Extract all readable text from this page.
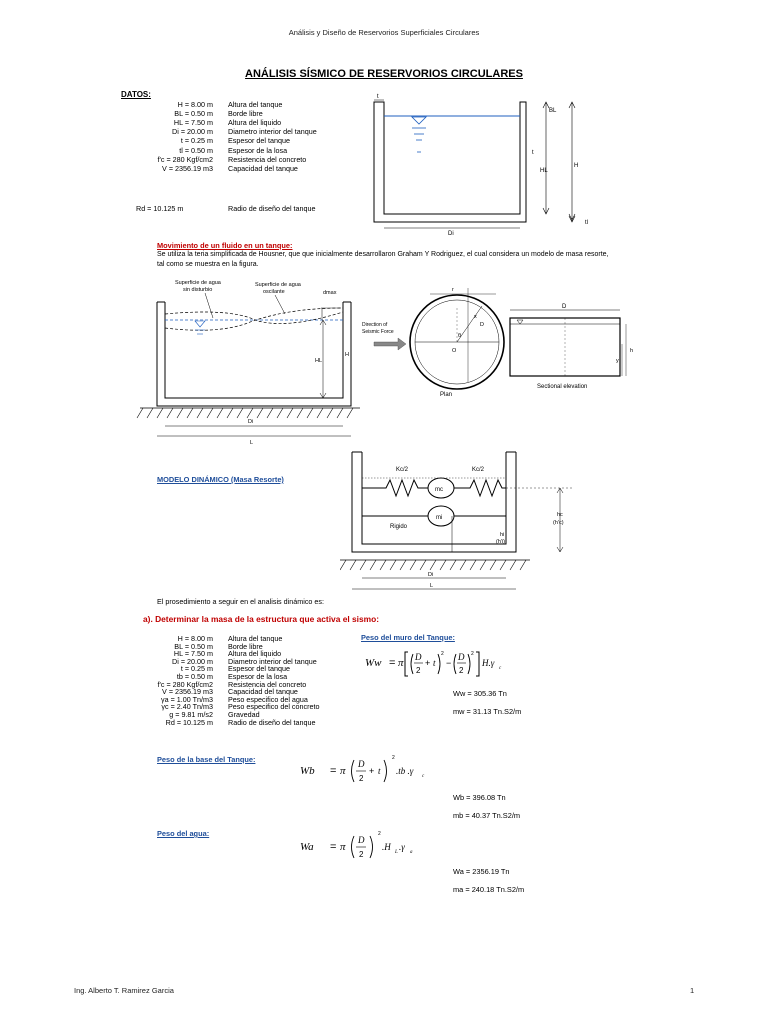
Análisis y Diseño de Reservorios Superficiales Circulares
ANÁLISIS SÍSMICO DE RESERVORIOS CIRCULARES
DATOS:
H = 8.00 m Altura del tanque
BL = 0.50 m Borde libre
HL = 7.50 m Altura del liquido
Di = 20.00 m Diametro interior del tanque
t = 0.25 m Espesor del tanque
tl = 0.50 m Espesor de la losa
f'c = 280 Kgf/cm2 Resistencia del concreto
V = 2356.19 m3 Capacidad del tanque
Rd = 10.125 m	Radio de diseño del tanque
t
BL
H
HL
t
tl
Di
Movimiento de un fluido en un tanque:
Se utiliza la teria simplificada de Housner, que que inicialmente desarrollaron Graham Y Rodriguez, el cual considera un modelo de masa resorte, tal como se muestra en la figura.
Superficie de agua
sin disturbio
Superficie de agua
oscilante	dmax
HL
H
Di
L
r
x
θ
O
D
Direction of
Seismic Force
Plan
D
h
y
Sectional elevation
MODELO DINÁMICO (Masa Resorte)
mc
mi
Kc/2	Kc/2
Rigido
hc
(h'c)
hi
(h'i)
Di
L
El prosedimiento a seguir en el analisis dinámico es:
a). Determinar la masa de la estructura que activa el sismo:
H = 8.00 m Altura del tanque
BL = 0.50 m Borde libre
HL = 7.50 m Altura del liquido
Di = 20.00 m Diametro interior del tanque
t = 0.25 m Espesor del tanque
tb = 0.50 m Espesor de la losa
f'c = 280 Kgf/cm2 Resistencia del concreto
V = 2356.19 m3 Capacidad del tanque
γa = 1.00 Tn/m3 Peso especifico del agua
γc = 2.40 Tn/m3 Peso especifico del concreto
g = 9.81 m/s2 Gravedad
Rd = 10.125 m Radio de diseño del tanque
Peso del muro del Tanque:
Ww = π D
2
+ t
2
−
D
2
2
H.γ
c
Ww = 305.36 Tn
mw = 31.13 Tn.S2/m
Peso de la base del Tanque:
Wb = π
D
2
+ t
2
.tb .γ
c
Wb = 396.08 Tn
mb = 40.37 Tn.S2/m
Peso del agua:
Wa = π
D
2
2
.H
L
.γ
a
Wa = 2356.19 Tn
ma = 240.18 Tn.S2/m
Ing. Alberto T. Ramirez Garcia	1
